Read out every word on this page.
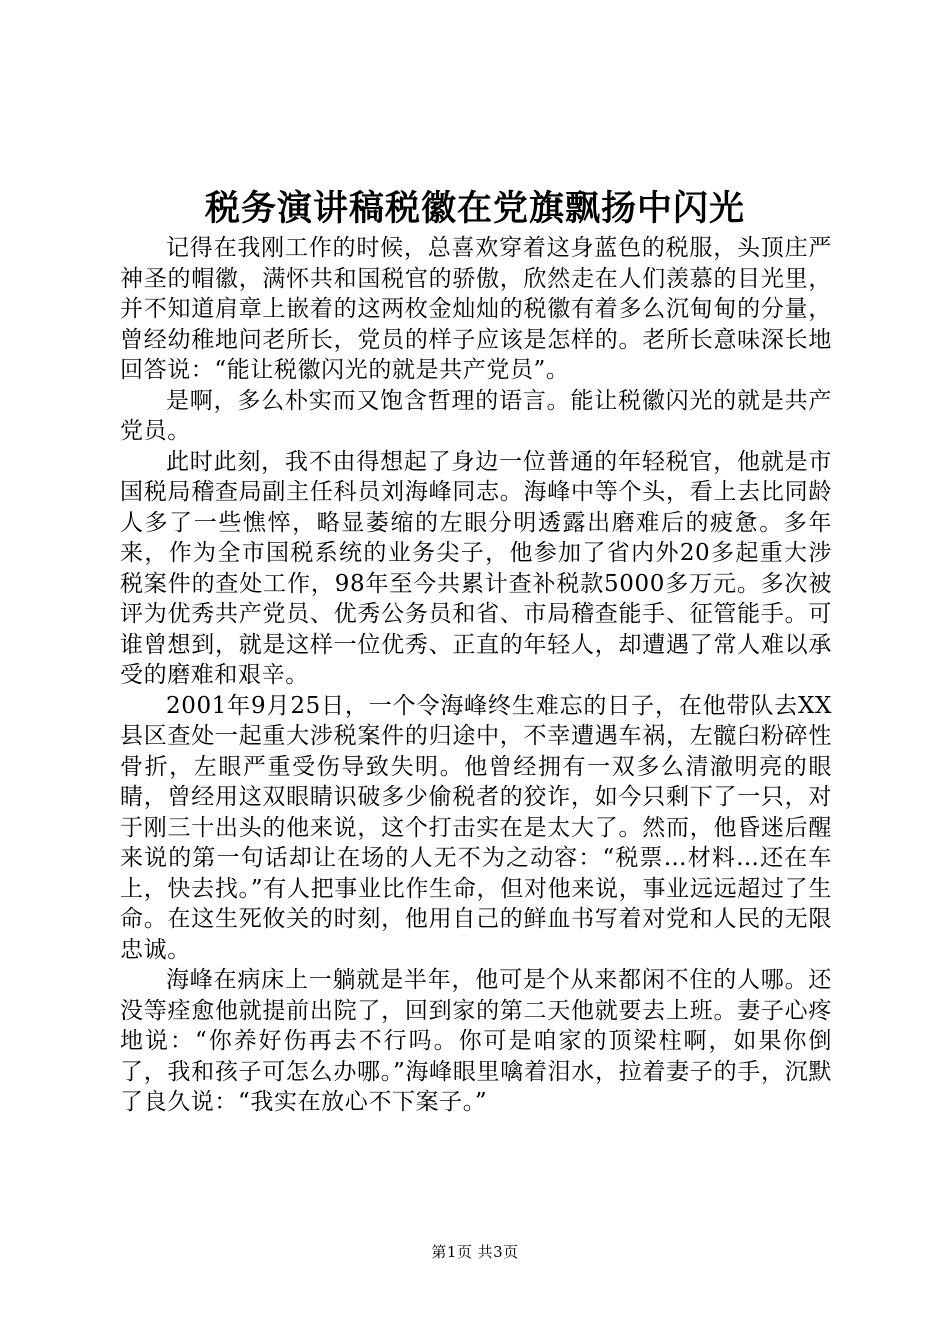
税务演讲稿税徽在党旗飘扬中闪光

记得在我刚工作的时候，总喜欢穿着这身蓝色的税服，头顶庄严神圣的帽徽，满怀共和国税官的骄傲，欣然走在人们羡慕的目光里，并不知道肩章上嵌着的这两枚金灿灿的税徽有着多么沉甸甸的分量，曾经幼稚地问老所长，党员的样子应该是怎样的。老所长意味深长地回答说：“能让税徽闪光的就是共产党员”。

是啊，多么朴实而又饱含哲理的语言。能让税徽闪光的就是共产党员。

此时此刻，我不由得想起了身边一位普通的年轻税官，他就是市国税局稽查局副主任科员刘海峰同志。海峰中等个头，看上去比同龄人多了一些憔悴，略显萎缩的左眼分明透露出磨难后的疲惫。多年来，作为全市国税系统的业务尖子，他参加了省内外20多起重大涉税案件的查处工作，98年至今共累计查补税款5000多万元。多次被评为优秀共产党员、优秀公务员和省、市局稽查能手、征管能手。可谁曾想到，就是这样一位优秀、正直的年轻人，却遭遇了常人难以承受的磨难和艰辛。

2001年9月25日，一个令海峰终生难忘的日子，在他带队去XX县区查处一起重大涉税案件的归途中，不幸遭遇车祸，左髋臼粉碎性骨折，左眼严重受伤导致失明。他曾经拥有一双多么清澈明亮的眼睛，曾经用这双眼睛识破多少偷税者的狡诈，如今只剩下了一只，对于刚三十出头的他来说，这个打击实在是太大了。然而，他昏迷后醒来说的第一句话却让在场的人无不为之动容：“税票…材料…还在车上，快去找。”有人把事业比作生命，但对他来说，事业远远超过了生命。在这生死攸关的时刻，他用自己的鲜血书写着对党和人民的无限忠诚。

海峰在病床上一躺就是半年，他可是个从来都闲不住的人哪。还没等痊愈他就提前出院了，回到家的第二天他就要去上班。妻子心疼地说：“你养好伤再去不行吗。你可是咱家的顶梁柱啊，如果你倒了，我和孩子可怎么办哪。”海峰眼里噙着泪水，拉着妻子的手，沉默了良久说：“我实在放心不下案子。”

第1页 共3页
